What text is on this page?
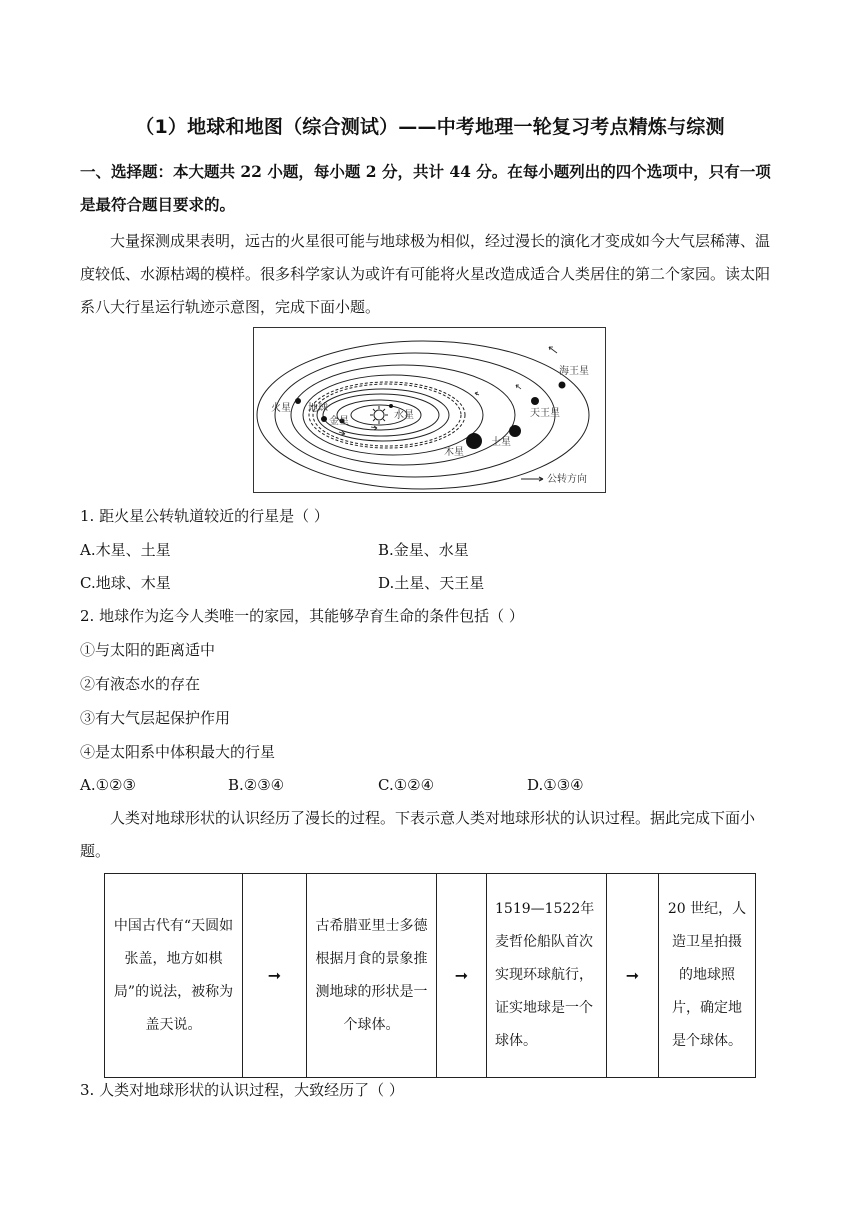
（1）地球和地图（综合测试）——中考地理一轮复习考点精炼与综测
一、选择题：本大题共 22 小题，每小题 2 分，共计 44 分。在每小题列出的四个选项中，只有一项是最符合题目要求的。
大量探测成果表明，远古的火星很可能与地球极为相似，经过漫长的演化才变成如今大气层稀薄、温度较低、水源枯竭的模样。很多科学家认为或许有可能将火星改造成适合人类居住的第二个家园。读太阳系八大行星运行轨迹示意图，完成下面小题。
海王星
天王星
土星
木星
火星 地球
金星
水星
公转方向
1. 距火星公转轨道较近的行星是（ ）
A.木星、土星	B.金星、水星
C.地球、木星	D.土星、天王星
2. 地球作为迄今人类唯一的家园，其能够孕育生命的条件包括（ ）
①与太阳的距离适中
②有液态水的存在
③有大气层起保护作用
④是太阳系中体积最大的行星
A.①②③	B.②③④	C.①②④	D.①③④
人类对地球形状的认识经历了漫长的过程。下表示意人类对地球形状的认识过程。据此完成下面小题。
中国古代有“天圆如张盖，地方如棋局”的说法，被称为盖天说。	➞	古希腊亚里士多德根据月食的景象推测地球的形状是一个球体。	➞	1519—1522年麦哲伦船队首次实现环球航行，证实地球是一个球体。	➞	20 世纪，人造卫星拍摄的地球照片，确定地是个球体。
3. 人类对地球形状的认识过程，大致经历了（ ）
